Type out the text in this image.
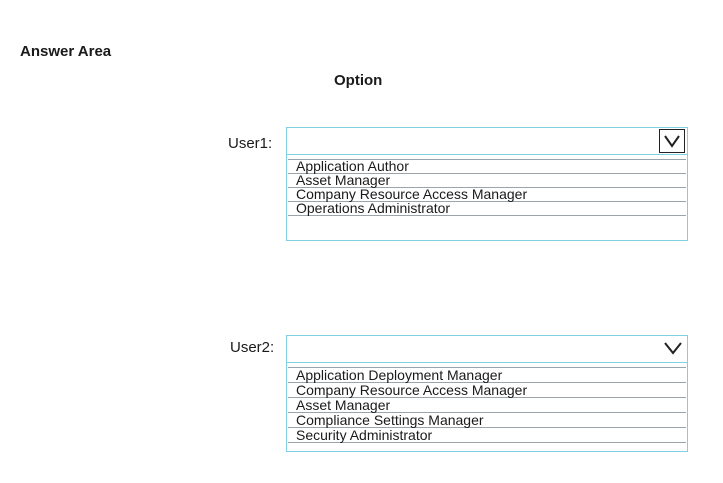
Answer Area
Option
User1:
Application Author
Asset Manager
Company Resource Access Manager
Operations Administrator
User2:
Application Deployment Manager
Company Resource Access Manager
Asset Manager
Compliance Settings Manager
Security Administrator
